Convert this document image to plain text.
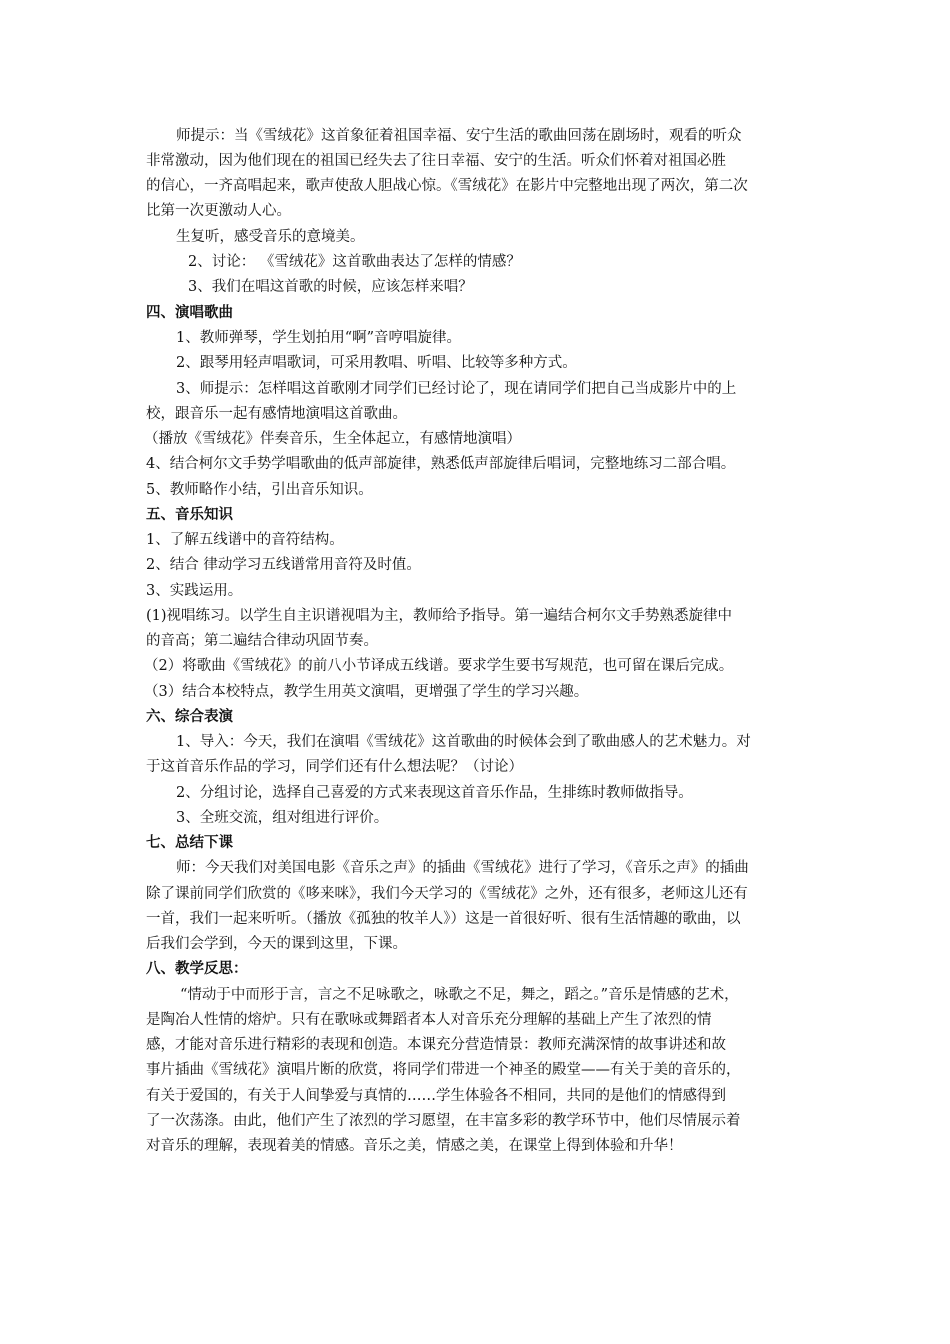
师提示：当《雪绒花》这首象征着祖国幸福、安宁生活的歌曲回荡在剧场时，观看的听众
非常激动，因为他们现在的祖国已经失去了往日幸福、安宁的生活。听众们怀着对祖国必胜
的信心，一齐高唱起来，歌声使敌人胆战心惊。《雪绒花》在影片中完整地出现了两次，第二次
比第一次更激动人心。
生复听，感受音乐的意境美。
2、讨论： 《雪绒花》这首歌曲表达了怎样的情感？
3、我们在唱这首歌的时候，应该怎样来唱？
四、演唱歌曲
1、教师弹琴，学生划拍用“啊”音哼唱旋律。
2、跟琴用轻声唱歌词，可采用教唱、听唱、比较等多种方式。
3、师提示：怎样唱这首歌刚才同学们已经讨论了，现在请同学们把自己当成影片中的上
校，跟音乐一起有感情地演唱这首歌曲。
（播放《雪绒花》伴奏音乐，生全体起立，有感情地演唱）
4、结合柯尔文手势学唱歌曲的低声部旋律，熟悉低声部旋律后唱词，完整地练习二部合唱。
5、教师略作小结，引出音乐知识。
五、音乐知识
1、了解五线谱中的音符结构。
2、结合 律动学习五线谱常用音符及时值。
3、实践运用。
(1)视唱练习。以学生自主识谱视唱为主，教师给予指导。第一遍结合柯尔文手势熟悉旋律中
的音高；第二遍结合律动巩固节奏。
（2）将歌曲《雪绒花》的前八小节译成五线谱。要求学生要书写规范，也可留在课后完成。
（3）结合本校特点，教学生用英文演唱，更增强了学生的学习兴趣。
六、综合表演
1、导入：今天，我们在演唱《雪绒花》这首歌曲的时候体会到了歌曲感人的艺术魅力。对
于这首音乐作品的学习，同学们还有什么想法呢？（讨论）
2、分组讨论，选择自己喜爱的方式来表现这首音乐作品，生排练时教师做指导。
3、全班交流，组对组进行评价。
七、总结下课
师：今天我们对美国电影《音乐之声》的插曲《雪绒花》进行了学习，《音乐之声》的插曲
除了课前同学们欣赏的《哆来咪》，我们今天学习的《雪绒花》之外，还有很多，老师这儿还有
一首，我们一起来听听。（播放《孤独的牧羊人》）这是一首很好听、很有生活情趣的歌曲，以
后我们会学到，今天的课到这里，下课。
八、教学反思：
“情动于中而形于言，言之不足咏歌之，咏歌之不足，舞之，蹈之。”音乐是情感的艺术，
是陶冶人性情的熔炉。只有在歌咏或舞蹈者本人对音乐充分理解的基础上产生了浓烈的情
感，才能对音乐进行精彩的表现和创造。本课充分营造情景：教师充满深情的故事讲述和故
事片插曲《雪绒花》演唱片断的欣赏，将同学们带进一个神圣的殿堂——有关于美的音乐的，
有关于爱国的，有关于人间挚爱与真情的……学生体验各不相同，共同的是他们的情感得到
了一次荡涤。由此，他们产生了浓烈的学习愿望，在丰富多彩的教学环节中，他们尽情展示着
对音乐的理解，表现着美的情感。音乐之美，情感之美，在课堂上得到体验和升华！
